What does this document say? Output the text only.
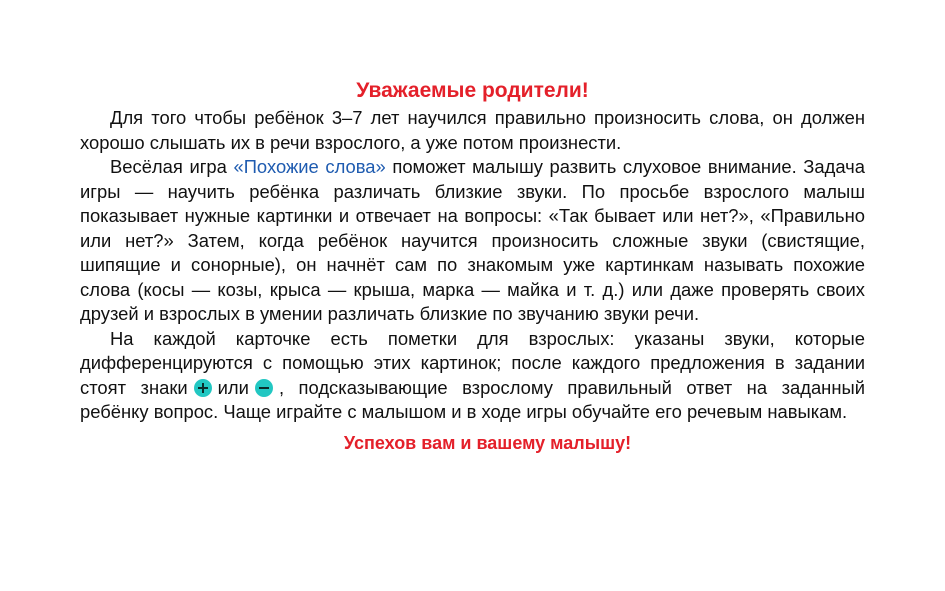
Уважаемые родители!

Для того чтобы ребёнок 3–7 лет научился правильно произносить слова, он должен хорошо слышать их в речи взрослого, а уже потом произнести.

Весёлая игра «Похожие слова» поможет малышу развить слуховое внимание. Задача игры — научить ребёнка различать близкие звуки. По просьбе взрослого малыш показывает нужные картинки и отвечает на вопросы: «Так бывает или нет?», «Правильно или нет?» Затем, когда ребёнок научится произносить сложные звуки (свистящие, шипящие и сонорные), он начнёт сам по знакомым уже картинкам называть похожие слова (косы — козы, крыса — крыша, марка — майка и т. д.) или даже проверять своих друзей и взрослых в умении различать близкие по звучанию звуки речи.

На каждой карточке есть пометки для взрослых: указаны звуки, которые дифференцируются с помощью этих картинок; после каждого предложения в задании стоят знаки или , подсказывающие взрослому правильный ответ на заданный ребёнку вопрос. Чаще играйте с малышом и в ходе игры обучайте его речевым навыкам.

Успехов вам и вашему малышу!
